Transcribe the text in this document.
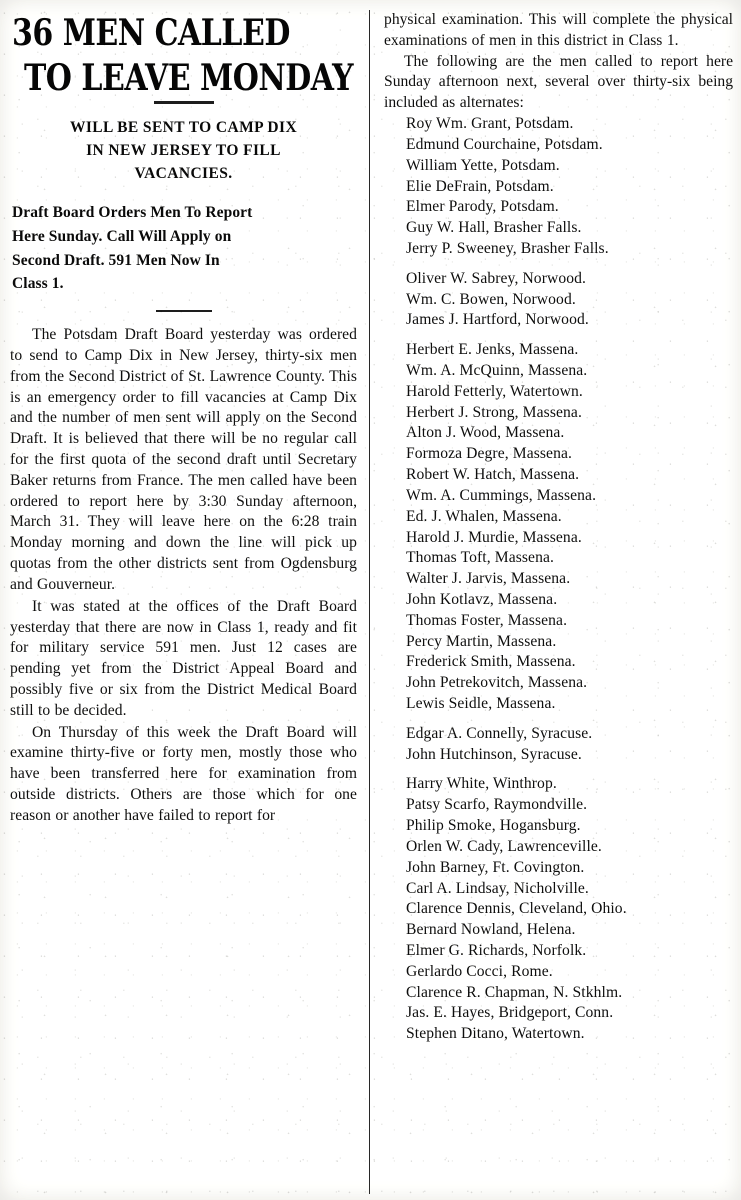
36 MEN CALLED
TO LEAVE MONDAY
WILL BE SENT TO CAMP DIX
IN NEW JERSEY TO FILL
VACANCIES.
Draft Board Orders Men To Report
Here Sunday. Call Will Apply on
Second Draft. 591 Men Now In
Class 1.

The Potsdam Draft Board yesterday was ordered to send to Camp Dix in New Jersey, thirty-six men from the Second District of St. Lawrence County. This is an emergency order to fill vacancies at Camp Dix and the number of men sent will apply on the Second Draft. It is believed that there will be no regular call for the first quota of the second draft until Secretary Baker returns from France. The men called have been ordered to report here by 3:30 Sunday afternoon, March 31. They will leave here on the 6:28 train Monday morning and down the line will pick up quotas from the other districts sent from Ogdensburg and Gouverneur.

It was stated at the offices of the Draft Board yesterday that there are now in Class 1, ready and fit for military service 591 men. Just 12 cases are pending yet from the District Appeal Board and possibly five or six from the District Medical Board still to be decided.

On Thursday of this week the Draft Board will examine thirty-five or forty men, mostly those who have been transferred here for examination from outside districts. Others are those which for one reason or another have failed to report for

physical examination. This will complete the physical examinations of men in this district in Class 1.

The following are the men called to report here Sunday afternoon next, several over thirty-six being included as alternates:

Roy Wm. Grant, Potsdam.
Edmund Courchaine, Potsdam.
William Yette, Potsdam.
Elie DeFrain, Potsdam.
Elmer Parody, Potsdam.
Guy W. Hall, Brasher Falls.
Jerry P. Sweeney, Brasher Falls.
Oliver W. Sabrey, Norwood.
Wm. C. Bowen, Norwood.
James J. Hartford, Norwood.
Herbert E. Jenks, Massena.
Wm. A. McQuinn, Massena.
Harold Fetterly, Watertown.
Herbert J. Strong, Massena.
Alton J. Wood, Massena.
Formoza Degre, Massena.
Robert W. Hatch, Massena.
Wm. A. Cummings, Massena.
Ed. J. Whalen, Massena.
Harold J. Murdie, Massena.
Thomas Toft, Massena.
Walter J. Jarvis, Massena.
John Kotlavz, Massena.
Thomas Foster, Massena.
Percy Martin, Massena.
Frederick Smith, Massena.
John Petrekovitch, Massena.
Lewis Seidle, Massena.
Edgar A. Connelly, Syracuse.
John Hutchinson, Syracuse.
Harry White, Winthrop.
Patsy Scarfo, Raymondville.
Philip Smoke, Hogansburg.
Orlen W. Cady, Lawrenceville.
John Barney, Ft. Covington.
Carl A. Lindsay, Nicholville.
Clarence Dennis, Cleveland, Ohio.
Bernard Nowland, Helena.
Elmer G. Richards, Norfolk.
Gerlardo Cocci, Rome.
Clarence R. Chapman, N. Stkhlm.
Jas. E. Hayes, Bridgeport, Conn.
Stephen Ditano, Watertown.
